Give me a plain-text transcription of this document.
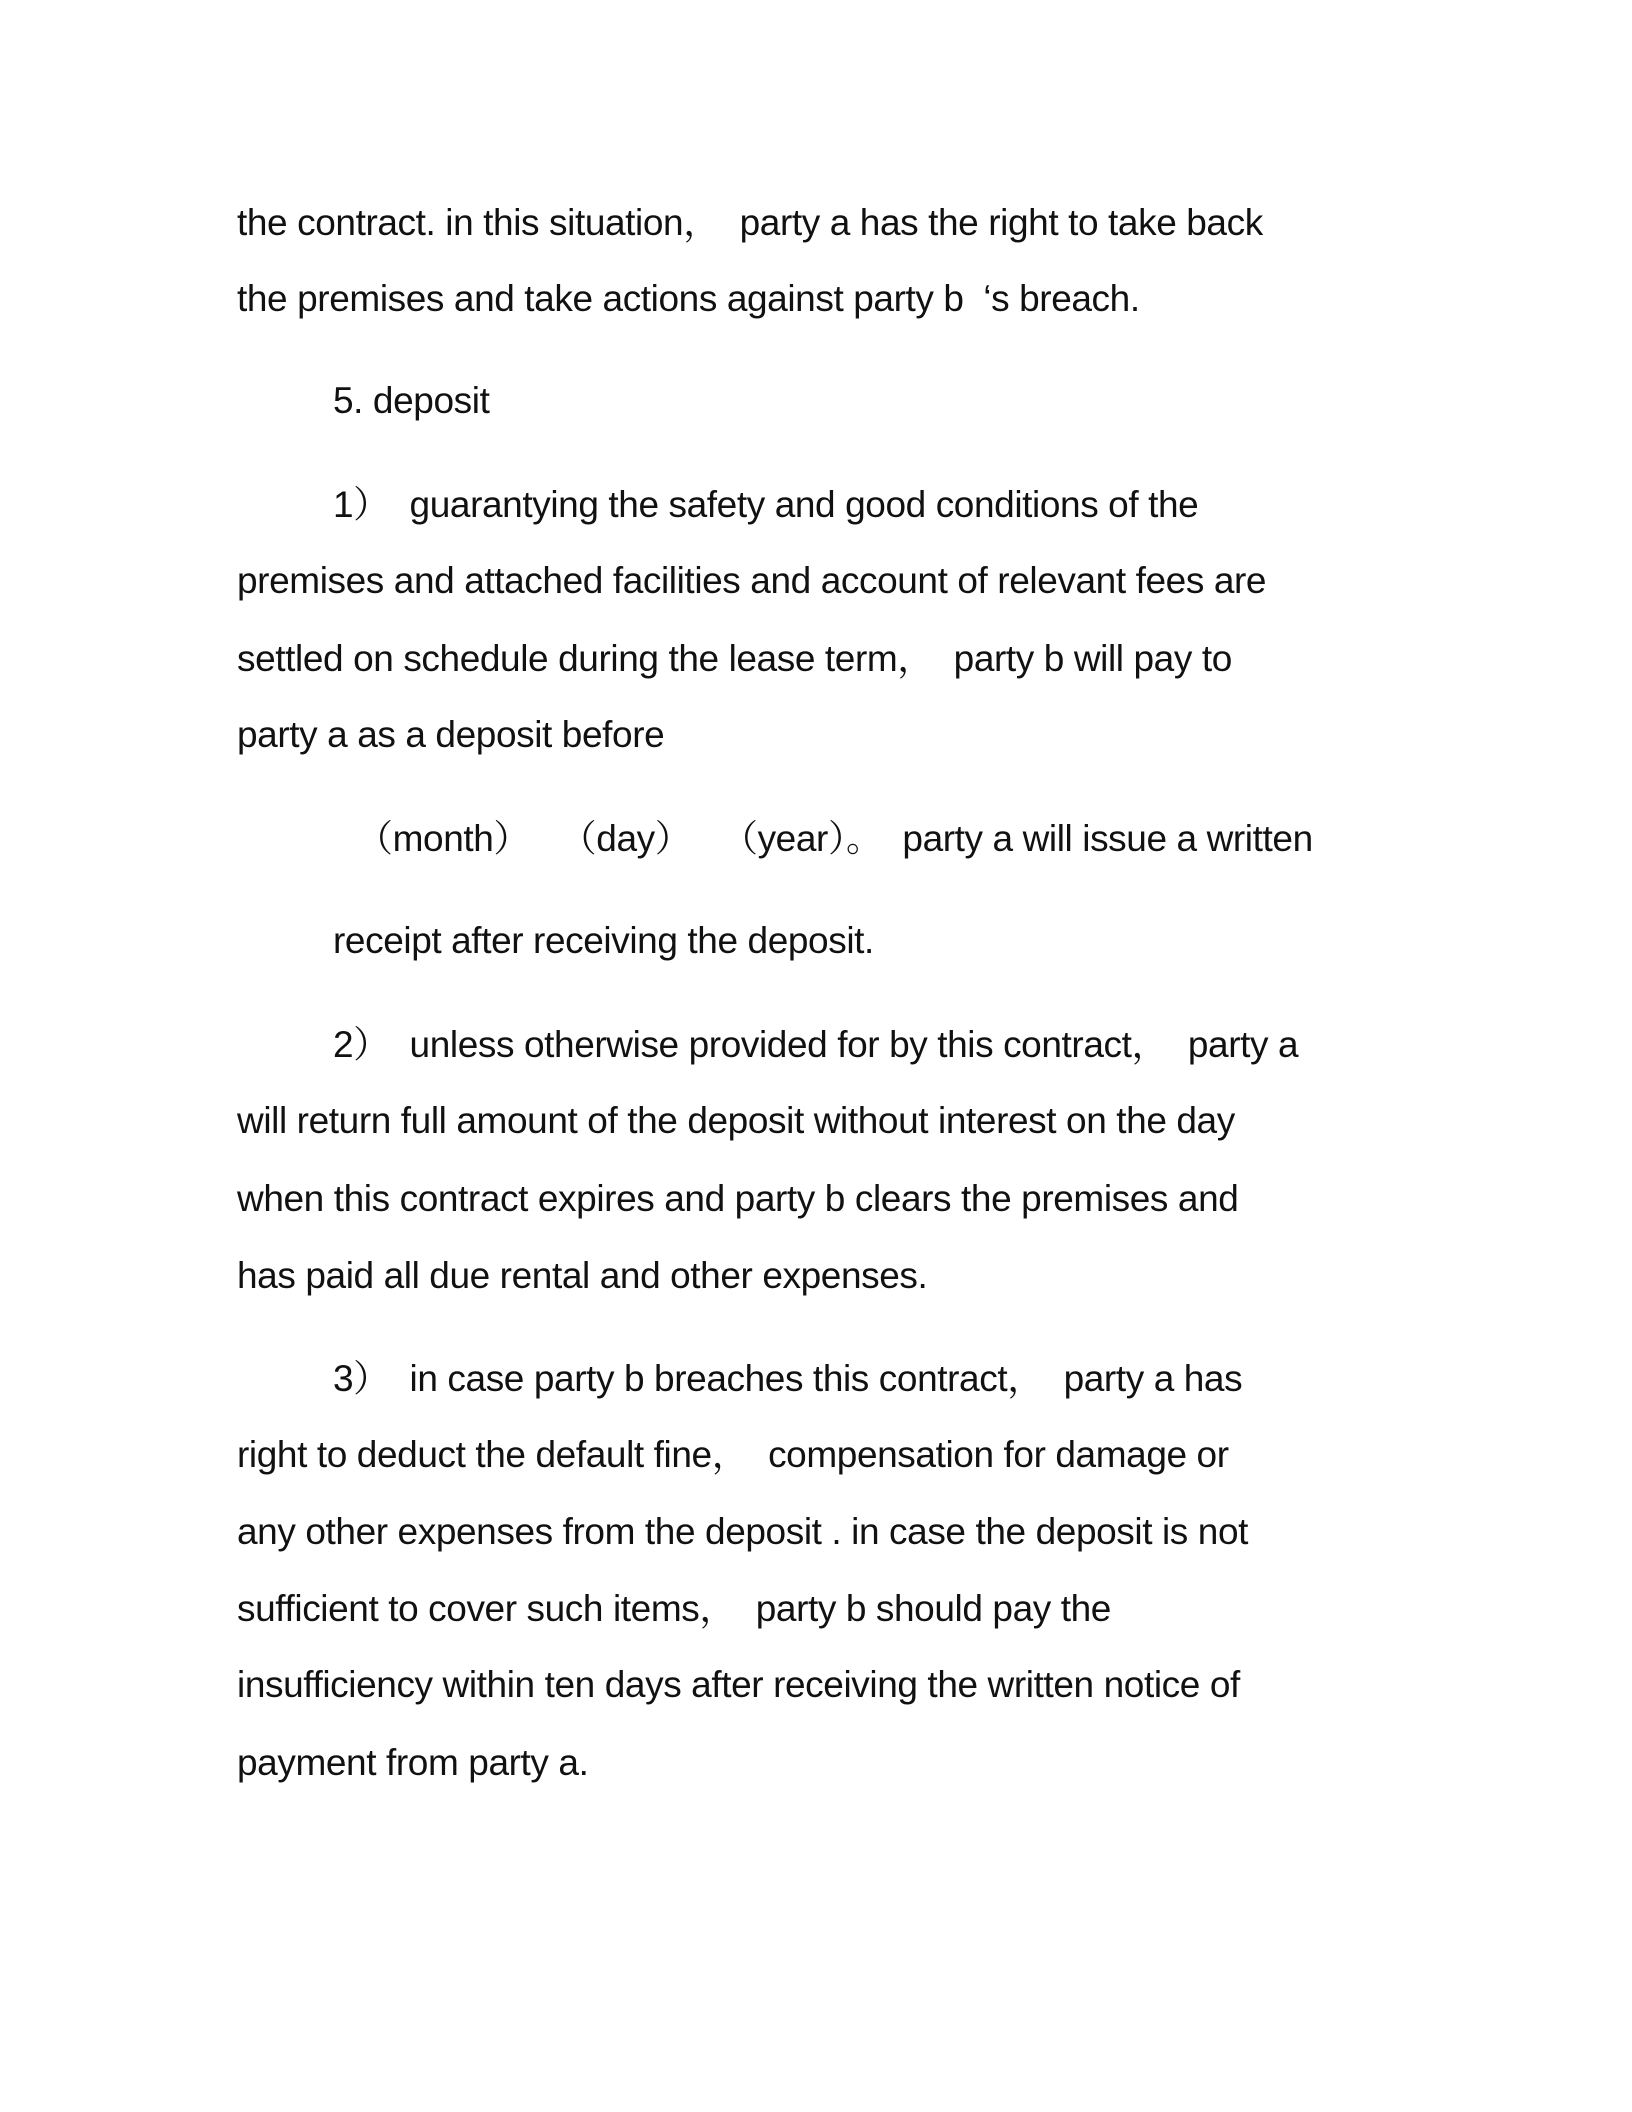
the contract. in this situation，  party a has the right to take back
the premises and take actions against party b  ‘s breach.
5. deposit
1）  guarantying the safety and good conditions of the
premises and attached facilities and account of relevant fees are
settled on schedule during the lease term，  party b will pay to
party a as a deposit before
（month）   （day）   （year）。  party a will issue a written
receipt after receiving the deposit.
2）  unless otherwise provided for by this contract，  party a
will return full amount of the deposit without interest on the day
when this contract expires and party b clears the premises and
has paid all due rental and other expenses.
3）  in case party b breaches this contract，  party a has
right to deduct the default fine，  compensation for damage or
any other expenses from the deposit . in case the deposit is not
sufficient to cover such items，  party b should pay the
insufficiency within ten days after receiving the written notice of
payment from party a.
